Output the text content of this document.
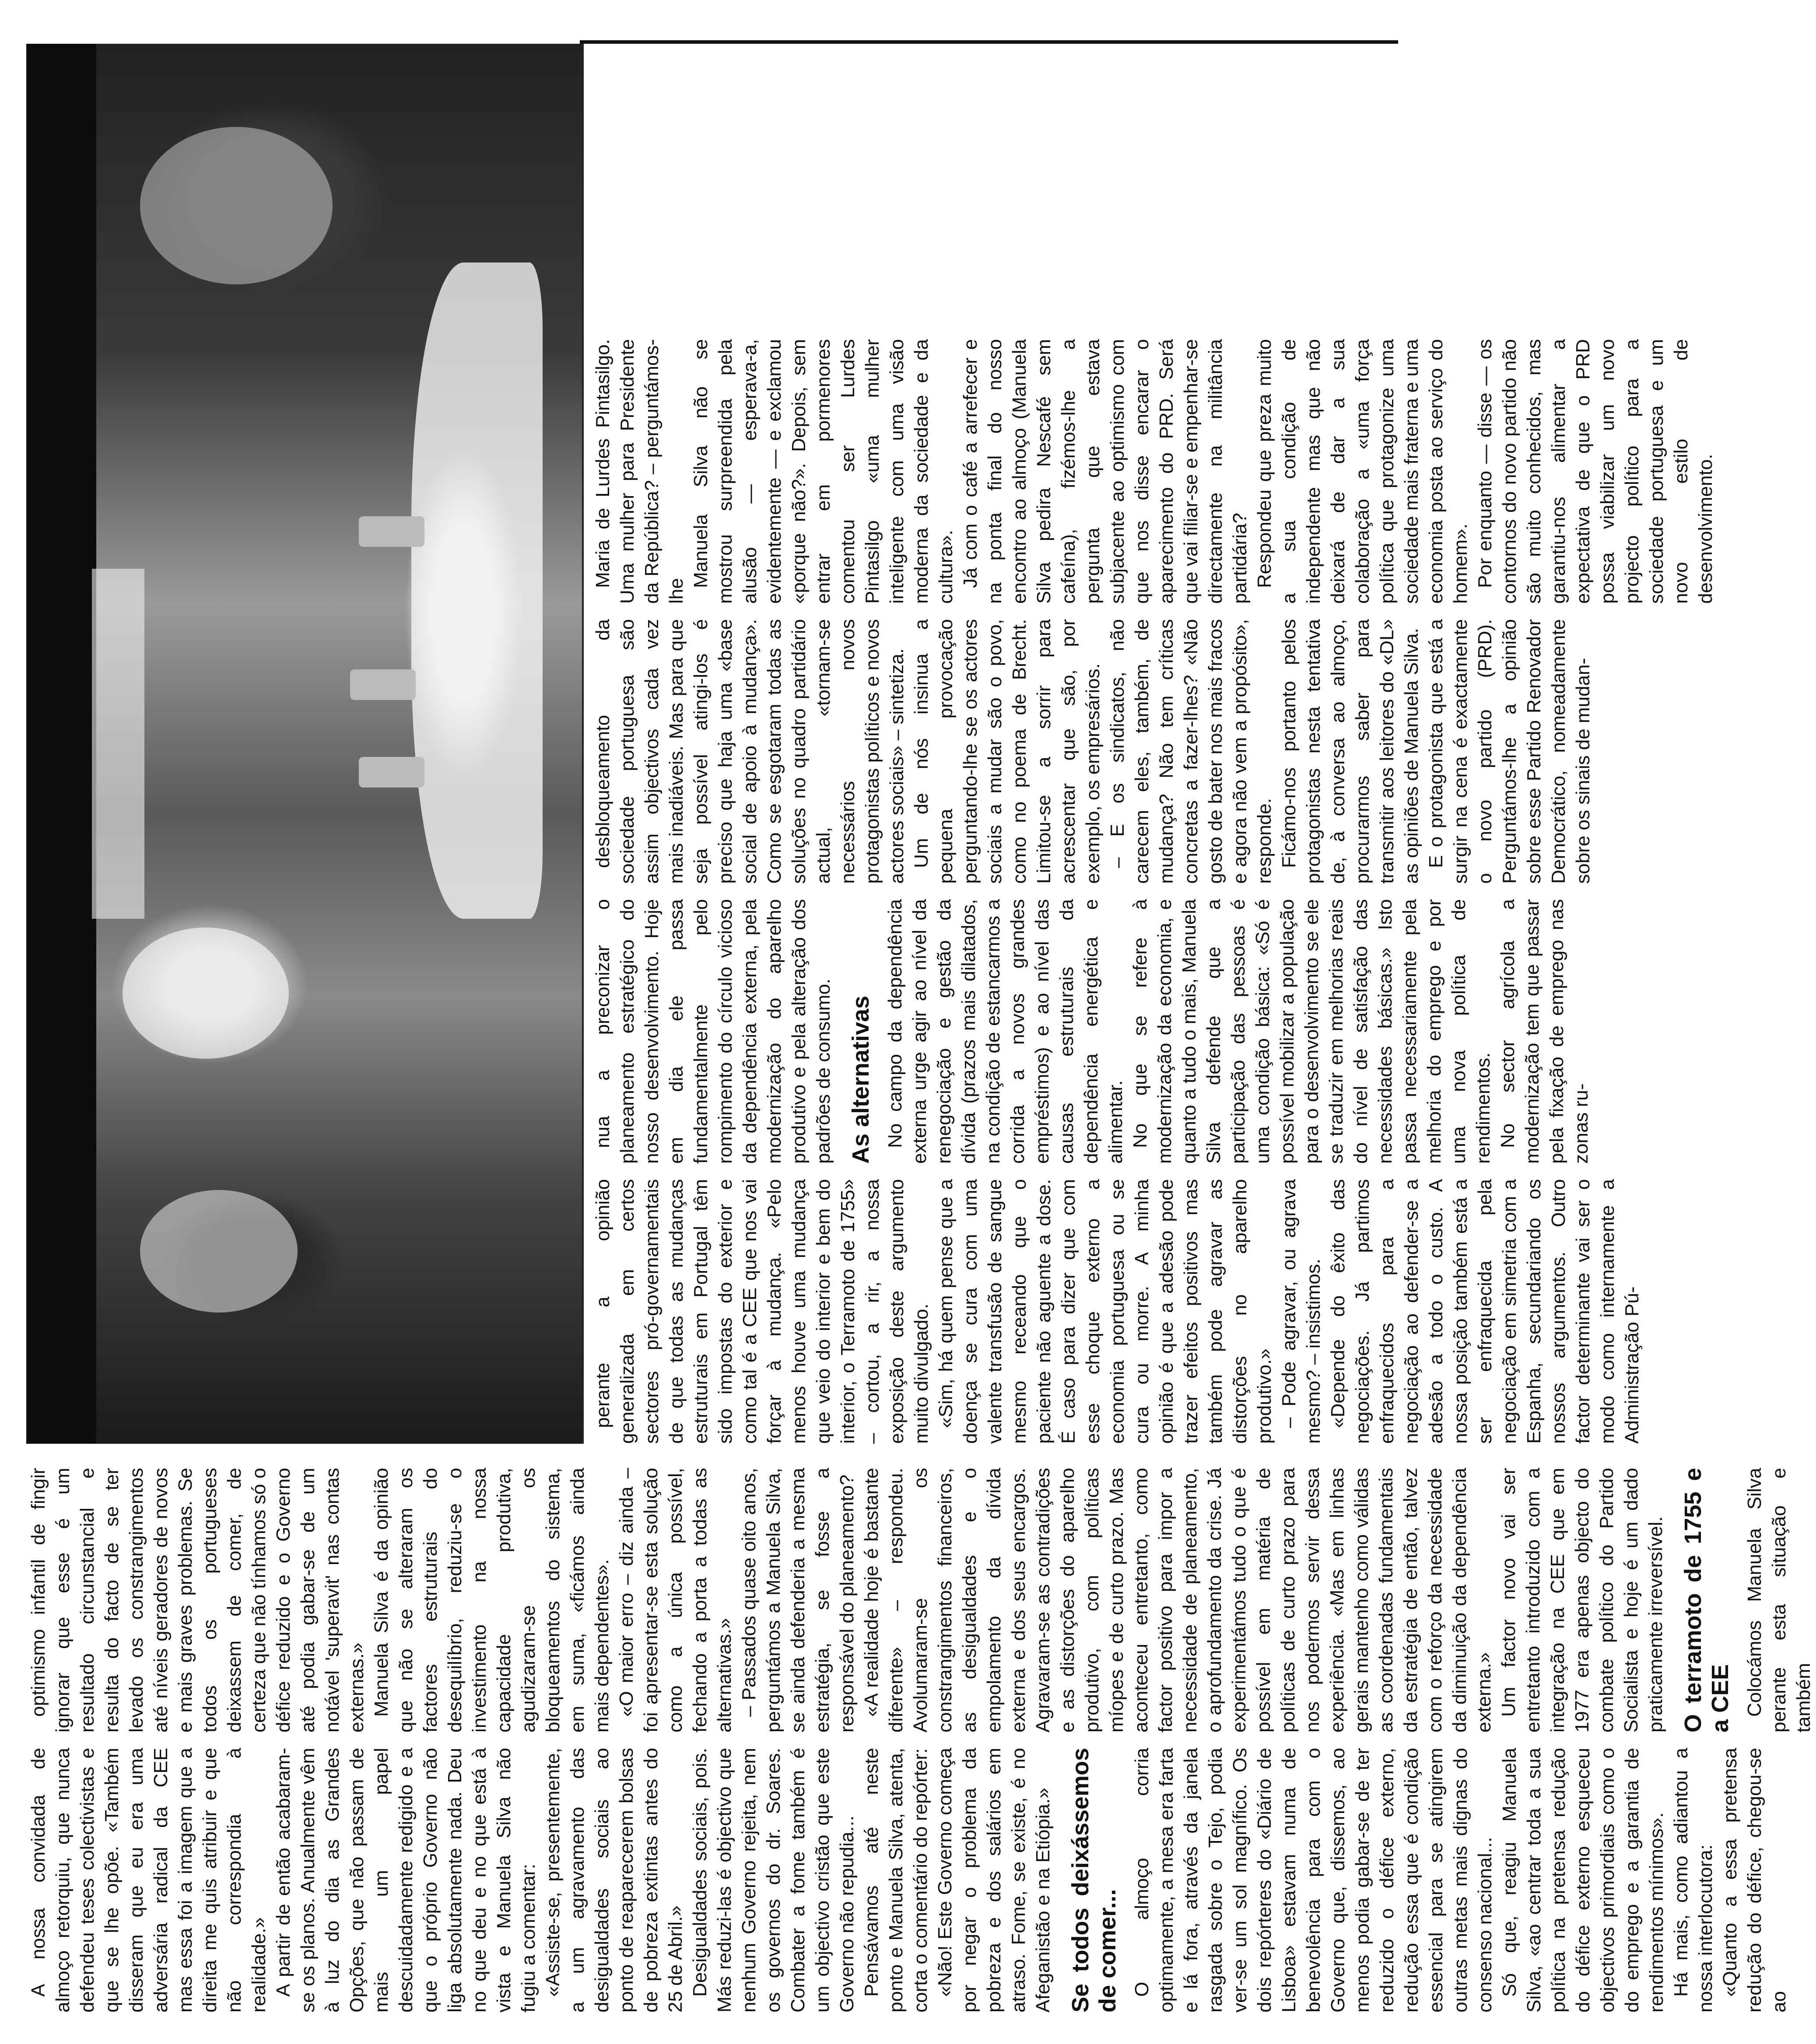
A nossa convidada de almoço retorquiu, que nunca defendeu teses colectivistas e que se lhe opõe. «Também disseram que eu era uma adversária radical da CEE mas essa foi a imagem que a direita me quis atribuir e que não correspondia à realidade.» A partir de então acabaram-se os planos. Anualmente vêm à luz do dia as Grandes Opções, que não passam de mais um papel descuidadamente redigido e a que o próprio Governo não liga absolutamente nada. Deu no que deu e no que está à vista e Manuela Silva não fugiu a comentar: «Assiste-se, presentemente, a um agravamento das desigualdades sociais ao ponto de reaparecerem bolsas de pobreza extintas antes do 25 de Abril.» Desigualdades sociais, pois. Más reduzi-las é objectivo que nenhum Governo rejeita, nem os governos do dr. Soares. Combater a fome também é um objectivo cristão que este Governo não repudia... Pensávamos até neste ponto e Manuela Silva, atenta, corta o comentário do repórter: «Não! Este Governo começa por negar o problema da pobreza e dos salários em atraso. Fome, se existe, é no Afeganistão e na Etiópia.» Se todos deixássemos de comer... O almoço corria optimamente, a mesa era farta e lá fora, através da janela rasgada sobre o Tejo, podia ver-se um sol magnífico. Os dois repórteres do «Diário de Lisboa» estavam numa de benevolência para com o Governo que, dissemos, ao menos podia gabar-se de ter reduzido o défice externo, redução essa que é condição essencial para se atingirem outras metas mais dignas do consenso nacional... Só que, reagiu Manuela Silva, «ao centrar toda a sua política na pretensa redução do défice externo esqueceu objectivos primordiais como o do emprego e a garantia de rendimentos mínimos». Há mais, como adiantou a nossa interlocutora: «Quanto a essa pretensa redução do défice, chegou-se ao

optimismo infantil de fingir ignorar que esse é um resultado circunstancial e resulta do facto de se ter levado os constrangimentos até níveis geradores de novos e mais graves problemas. Se todos os portugueses deixassem de comer, de certeza que não tínhamos só o défice reduzido e o Governo até podia gabar-se de um notável 'superavit' nas contas externas.» Manuela Silva é da opinião que não se alteraram os factores estruturais do desequilíbrio, reduziu-se o investimento na nossa capacidade produtiva, agudizaram-se os bloqueamentos do sistema, em suma, «ficámos ainda mais dependentes». «O maior erro – diz ainda – foi apresentar-se esta solução como a única possível, fechando a porta a todas as alternativas.» – Passados quase oito anos, perguntámos a Manuela Silva, se ainda defenderia a mesma estratégia, se fosse a responsável do planeamento? «A realidade hoje é bastante diferente» – respondeu. Avolumaram-se os constrangimentos financeiros, as desigualdades e o empolamento da dívida externa e dos seus encargos. Agravaram-se as contradições e as distorções do aparelho produtivo, com políticas míopes e de curto prazo. Mas aconteceu entretanto, como factor positivo para impor a necessidade de planeamento, o aprofundamento da crise. Já experimentámos tudo o que é possível em matéria de políticas de curto prazo para nos podermos servir dessa experiência. «Mas em linhas gerais mantenho como válidas as coordenadas fundamentais da estratégia de então, talvez com o reforço da necessidade da diminuição da dependência externa.» Um factor novo vai ser entretanto introduzido com a integração na CEE que em 1977 era apenas objecto do combate político do Partido Socialista e hoje é um dado praticamente irreversível. O terramoto de 1755 e a CEE Colocámos Manuela Silva perante esta situação e também

perante a opinião generalizada em certos sectores pró-governamentais de que todas as mudanças estruturais em Portugal têm sido impostas do exterior e como tal é a CEE que nos vai forçar à mudança. «Pelo menos houve uma mudança que veio do interior e bem do interior, o Terramoto de 1755» – cortou, a rir, a nossa exposição deste argumento muito divulgado. «Sim, há quem pense que a doença se cura com uma valente transfusão de sangue mesmo receando que o paciente não aguente a dose. É caso para dizer que com esse choque externo a economia portuguesa ou se cura ou morre. A minha opinião é que a adesão pode trazer efeitos positivos mas também pode agravar as distorções no aparelho produtivo.» – Pode agravar, ou agrava mesmo? – insistimos. «Depende do êxito das negociações. Já partimos enfraquecidos para a negociação ao defender-se a adesão a todo o custo. A nossa posição também está a ser enfraquecida pela negociação em simetria com a Espanha, secundariando os nossos argumentos. Outro factor determinante vai ser o modo como internamente a Administração Pú-

nua a preconizar o planeamento estratégico do nosso desenvolvimento. Hoje em dia ele passa fundamentalmente pelo rompimento do círculo vicioso da dependência externa, pela modernização do aparelho produtivo e pela alteração dos padrões de consumo. As alternativas No campo da dependência externa urge agir ao nível da renegociação e gestão da dívida (prazos mais dilatados, na condição de estancarmos a corrida a novos grandes empréstimos) e ao nível das causas estruturais da dependência energética e alimentar. No que se refere à modernização da economia, e quanto a tudo o mais, Manuela Silva defende que a participação das pessoas é uma condição básica: «Só é possível mobilizar a população para o desenvolvimento se ele se traduzir em melhorias reais do nível de satisfação das necessidades básicas.» Isto passa necessariamente pela melhoria do emprego e por uma nova política de rendimentos. No sector agrícola a modernização tem que passar pela fixação de emprego nas zonas ru-

desbloqueamento da sociedade portuguesa são assim objectivos cada vez mais inadiáveis. Mas para que seja possível atingi-los é preciso que haja uma «base social de apoio à mudança». Como se esgotaram todas as soluções no quadro partidário actual, «tornam-se necessários novos protagonistas políticos e novos actores sociais» – sintetiza. Um de nós insinua a pequena provocação perguntando-lhe se os actores sociais a mudar são o povo, como no poema de Brecht. Limitou-se a sorrir para acrescentar que são, por exemplo, os empresários. – E os sindicatos, não carecem eles, também, de mudança? Não tem críticas concretas a fazer-lhes? «Não gosto de bater nos mais fracos e agora não vem a propósito», responde. Ficámo-nos portanto pelos protagonistas nesta tentativa de, à conversa ao almoço, procurarmos saber para transmitir aos leitores do «DL» as opiniões de Manuela Silva. E o protagonista que está a surgir na cena é exactamente o novo partido (PRD). Perguntámos-lhe a opinião sobre esse Partido Renovador Democrático, nomeadamente sobre os sinais de mudan-

Maria de Lurdes Pintasilgo. Uma mulher para Presidente da República? – perguntámos-lhe

Manuela Silva não se mostrou surpreendida pela alusão — esperava-a, evidentemente — e exclamou «porque não?». Depois, sem entrar em pormenores comentou ser Lurdes Pintasilgo «uma mulher inteligente com uma visão moderna da sociedade e da cultura». Já com o café a arrefecer e na ponta final do nosso encontro ao almoço (Manuela Silva pedira Nescafé sem cafeína), fizémos-lhe a pergunta que estava subjacente ao optimismo com que nos disse encarar o aparecimento do PRD. Será que vai filiar-se e empenhar-se directamente na militância partidária? Respondeu que preza muito a sua condição de independente mas que não deixará de dar a sua colaboração a «uma força política que protagonize uma sociedade mais fraterna e uma economia posta ao serviço do homem». Por enquanto — disse — os contornos do novo partido não são muito conhecidos, mas garantiu-nos alimentar a expectativa de que o PRD possa viabilizar um novo projecto político para a sociedade portuguesa e um novo estilo de desenvolvimento.
